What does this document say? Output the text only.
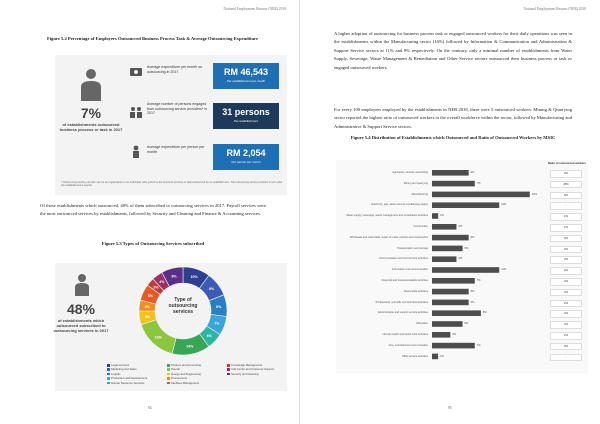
National Employment Returns (NER) 2018
Figure 5.2 Percentage of Employers Outsourced Business Process Task & Average Outsourcing Expenditure
7%
of establishments outsourced business process or task in 2017
Average expenditure per month on outsourcing in 2017	RM 46,543
Per establishment per month
Average number of persons engaged from outsourcing service providers* in 2017	31 persons
Per establishment
Average expenditure per person per month	RM 2,054
Per person per month
* Outsourcing service provider can be an organisation or an individual, who performs the business process or task outsourced by an establishment. The outsourcing service provider is not under the establishment's payroll.
Of those establishments which outsourced, 48% of them subscribed to outsourcing services in 2017. Payroll services were the most outsourced services by establishments, followed by Security and Cleaning and Finance & Accounting services.
Figure 5.3 Types of Outsourcing Services subscribed
48%
of establishments which outsourced subscribed to outsourcing services in 2017
10%
9%
8%
7%
6%
14%
16%
5%
4%
6%
3%
4%
8%
Type of outsourcing services
Legal services
Marketing and Sales
Logistic
Production and Development
Human Resource Services
Finance and Accounting
Payroll
Design and Engineering
Procurement
Facilities Management
Knowledge Management
Call Centre and Customer Support
Security and Cleaning
94
National Employment Returns (NER) 2018
A higher adoption of outsourcing for business process task or engaged outsourced workers for their daily operations was seen in the establishments within the Manufacturing sector (16%) followed by Information & Communication and Administration & Support Service sectors at 11% and 8% respectively. On the contrary, only a minimal number of establishments from Water Supply, Sewerage, Waste Management & Remediation and Other Service sectors outsourced their business process or task or engaged outsourced workers.
For every 100 employees employed by the establishments in NER 2018, there were 5 outsourced workers. Mining & Quarrying sector reported the highest ratio of outsourced workers to the overall workforce within the sector, followed by Manufacturing and Administrative & Support Service sectors.
Figure 5.4 Distribution of Establishments which Outsourced and Ratio of Outsourced Workers by MSIC
Ratio of outsourced workers
Agriculture, forestry and fishing	6%	2%
Mining and quarrying	7%	45%
Manufacturing	16%	6%
Electricity, gas, steam and air conditioning supply	11%	-
Water supply; sewerage, waste management and remediation activities	1%	1%
Construction	4%	1%
Wholesale and retail trade; repair of motor vehicles and motorcycles	6%	3%
Transportation and storage	5%	2%
Accommodation and food service activities	4%	2%
Information and communication	11%	2%
Financial and insurance/takaful activities	7%	4%
Real estate activities	6%	4%
Professional, scientific and technical activities	6%	2%
Administrative and support service activities	8%	4%
Education	5%	4%
Human health and social work activities	3%	2%
Arts, entertainment and recreation	7%	3%
Other service activities	1%	-
95
